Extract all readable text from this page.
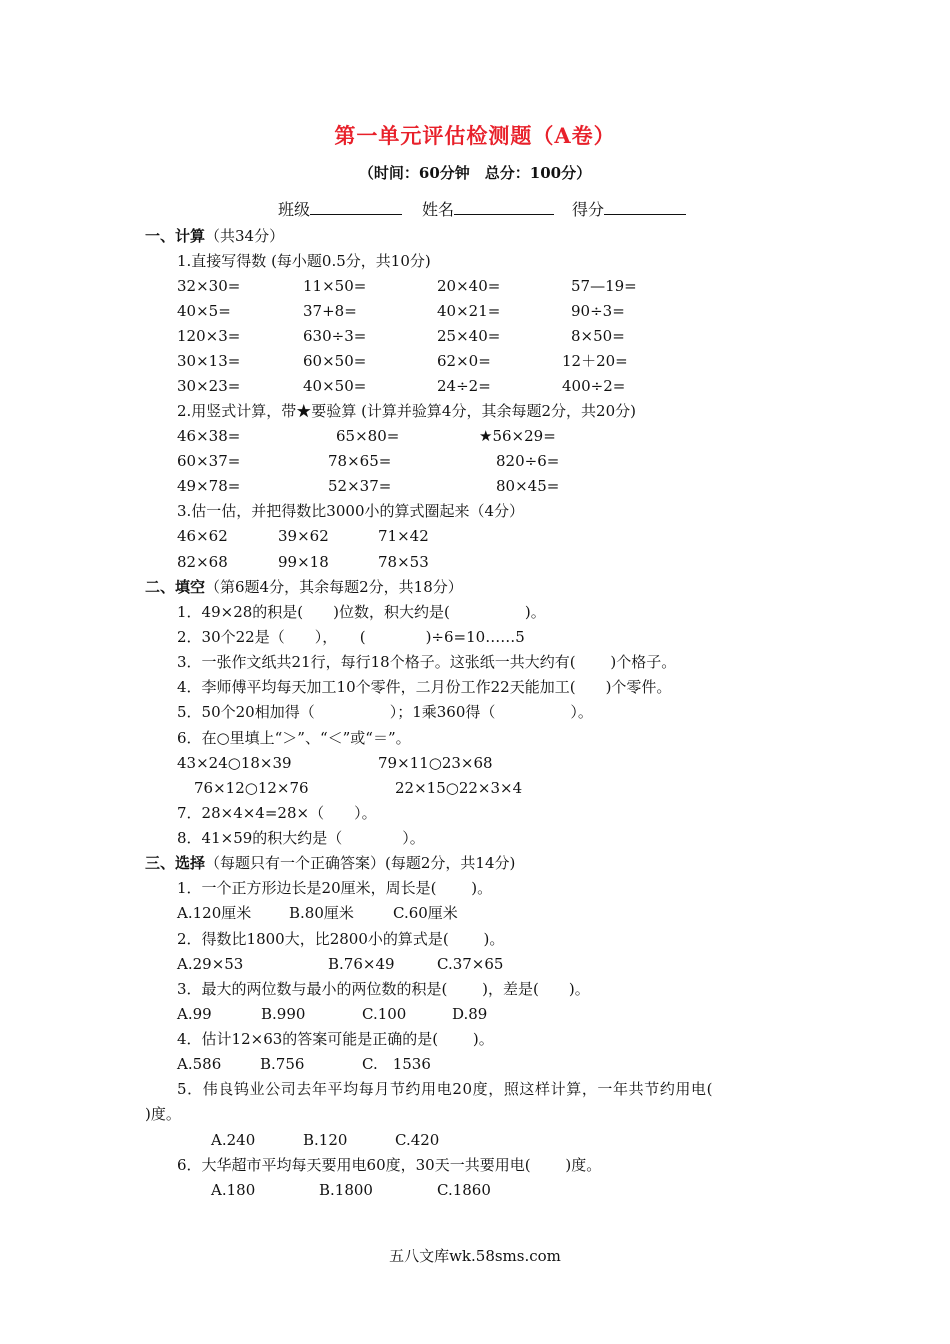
第一单元评估检测题（A卷）
（时间：60分钟　总分：100分）
班级	姓名	得分
一、计算（共34分）
1.直接写得数 (每小题0.5分，共10分)
32×30=	11×50=	20×40=	57—19=
40×5=	37+8=	40×21=	90÷3=
120×3=	630÷3=	25×40=	8×50=
30×13=	60×50=	62×0=	12＋20=
30×23=	40×50=	24÷2=	400÷2=
2.用竖式计算，带★要验算 (计算并验算4分，其余每题2分，共20分)
46×38=	65×80=	★56×29=
60×37=	78×65=	820÷6=
49×78=	52×37=	80×45=
3.估一估，并把得数比3000小的算式圈起来（4分）
46×62	39×62	71×42
82×68	99×18	78×53
二、填空（第6题4分，其余每题2分，共18分）
1．49×28的积是(　　)位数，积大约是(　　　　　)。
2．30个22是（　　），　　(　　　　)÷6=10……5
3．一张作文纸共21行，每行18个格子。这张纸一共大约有(　　 )个格子。
4．李师傅平均每天加工10个零件，二月份工作22天能加工(　　)个零件。
5．50个20相加得（　　　　　）；1乘360得（　　　　　）。
6．在○里填上“＞”、“＜”或“＝”。
43×24○18×39	79×11○23×68
76×12○12×76	22×15○22×3×4
7．28×4×4=28×（　　）。
8．41×59的积大约是（　　　　）。
三、选择（每题只有一个正确答案）(每题2分，共14分)
1．一个正方形边长是20厘米，周长是(　　 )。
A.120厘米	B.80厘米	C.60厘米
2．得数比1800大，比2800小的算式是(　　 )。
A.29×53	B.76×49	C.37×65
3．最大的两位数与最小的两位数的积是(　　 )，差是(　　)。
A.99	B.990	C.100	D.89
4．估计12×63的答案可能是正确的是(　　 )。
A.586	B.756	C.　1536
5．伟良钨业公司去年平均每月节约用电20度，照这样计算，一年共节约用电(
)度。
A.240	B.120	C.420
6．大华超市平均每天要用电60度，30天一共要用电(　　 )度。
A.180	B.1800	C.1860
五八文库wk.58sms.com
